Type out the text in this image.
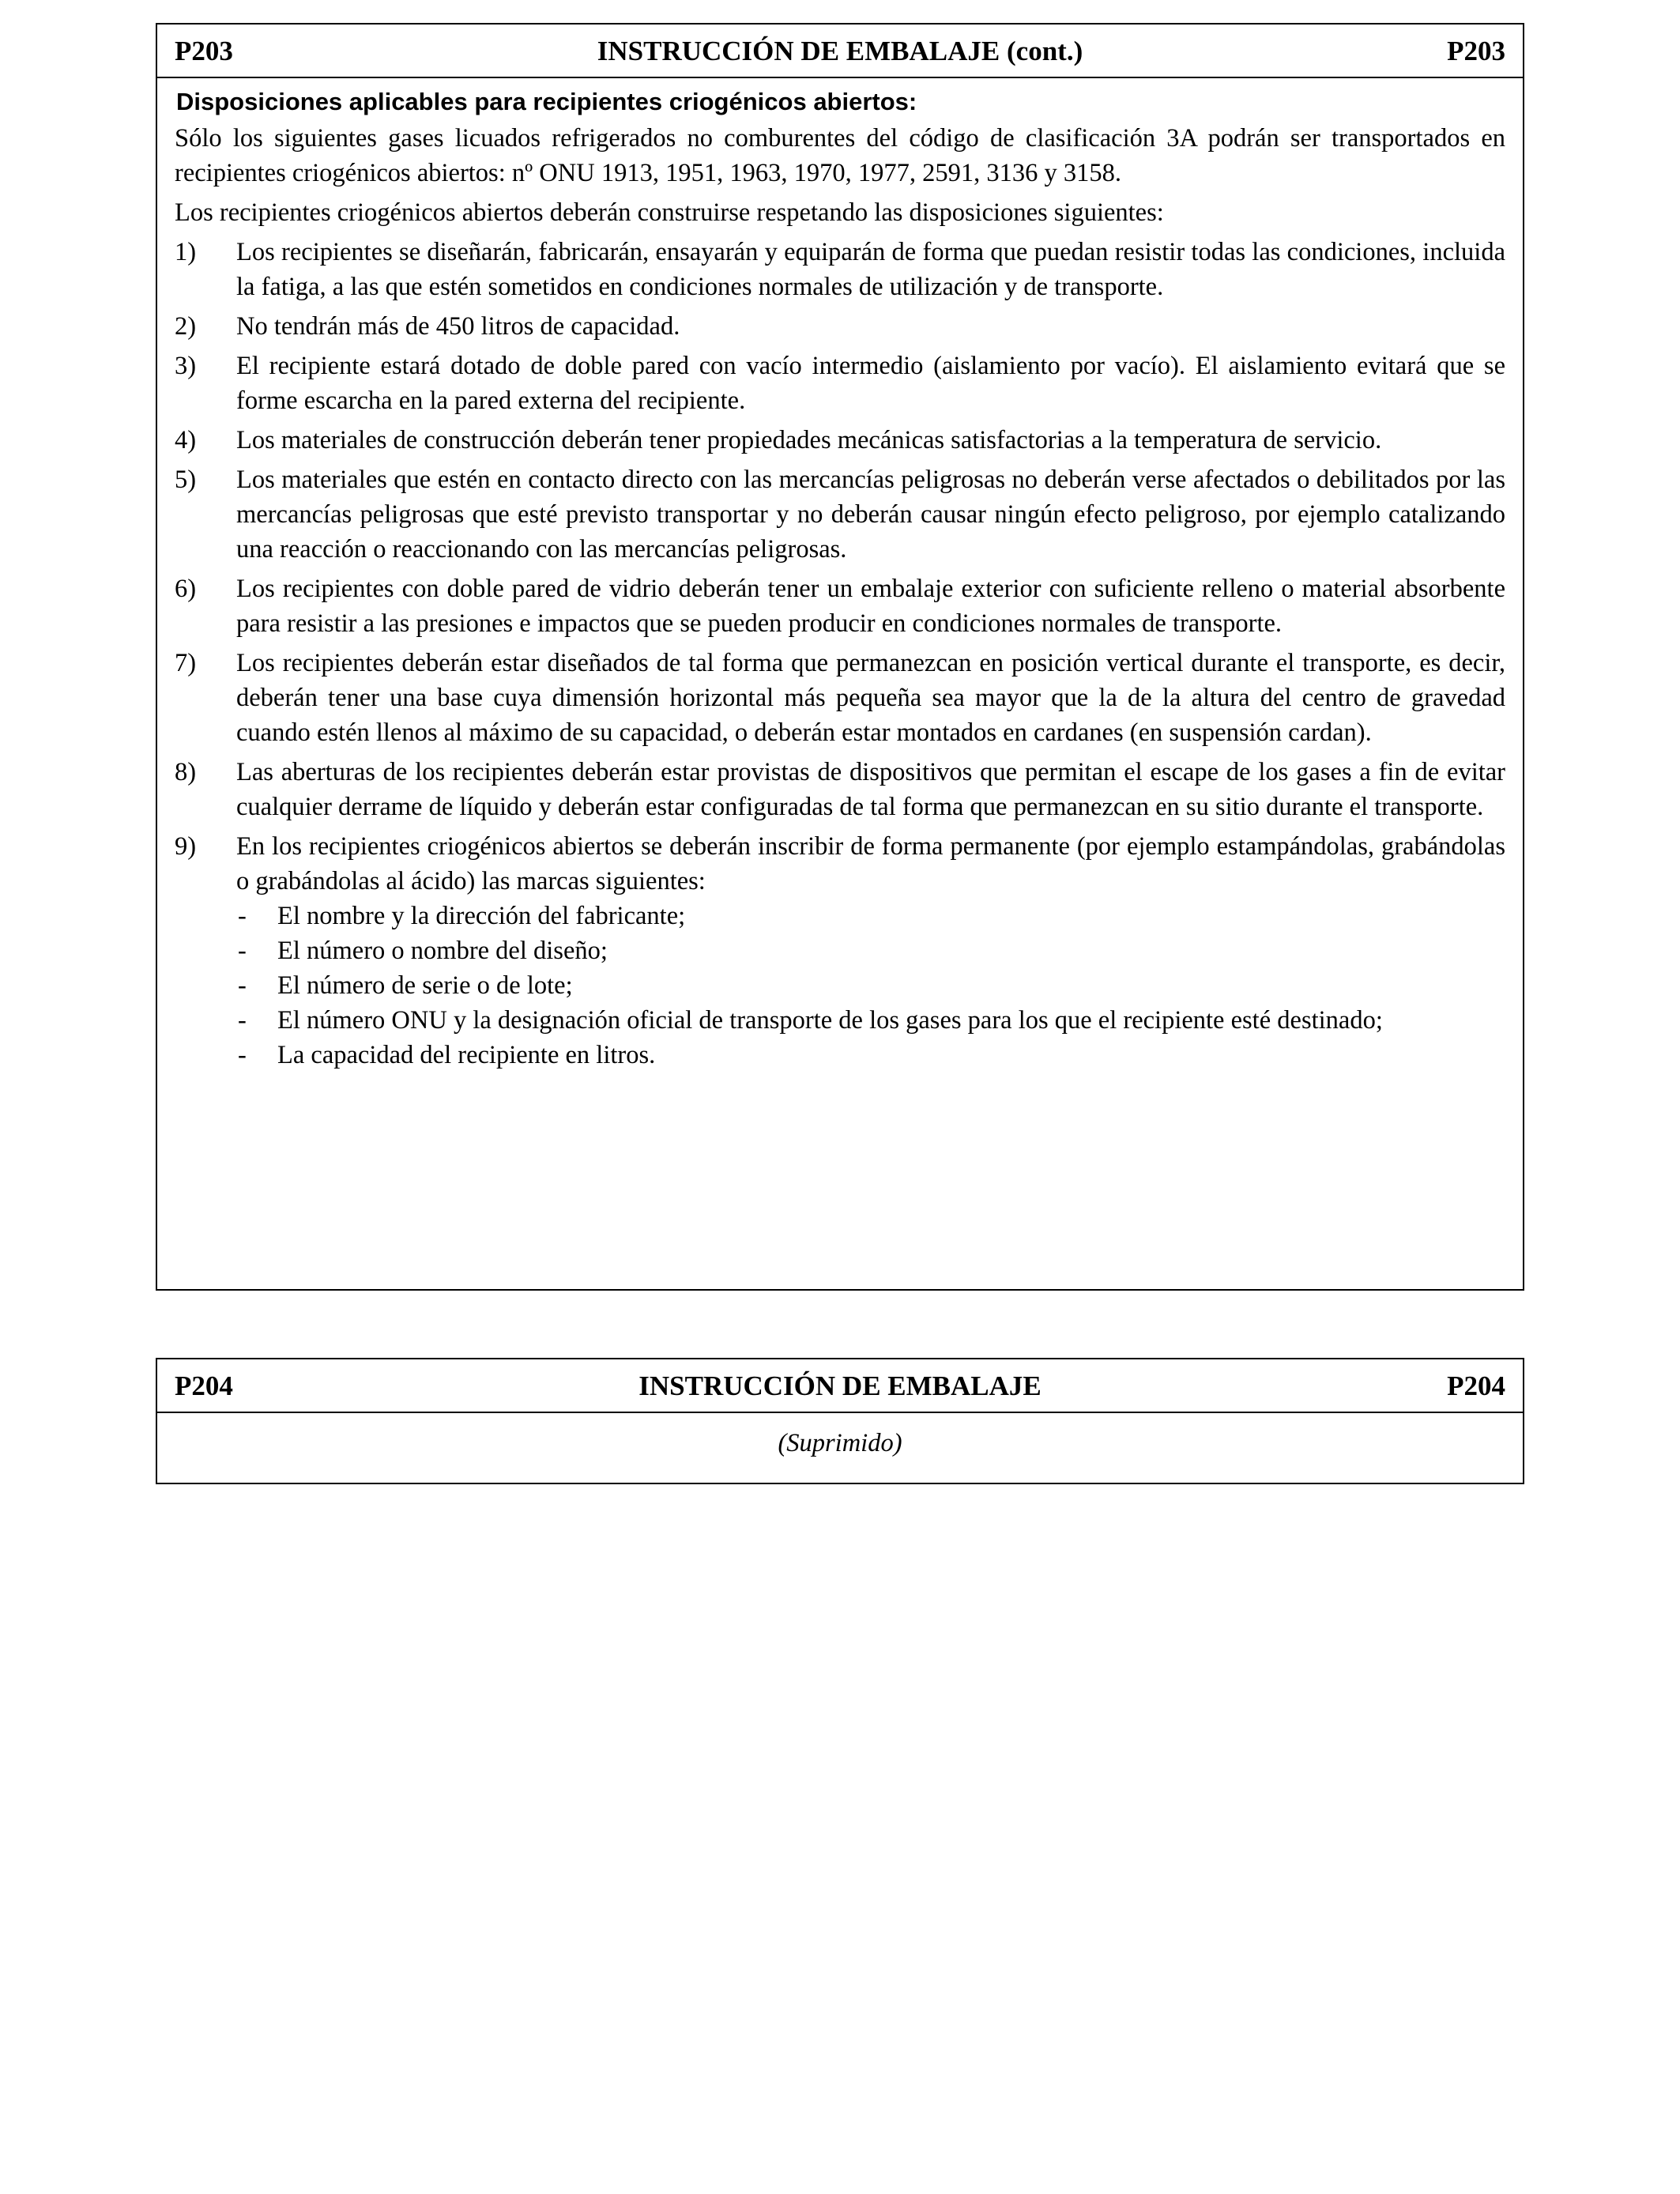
P203	INSTRUCCIÓN DE EMBALAJE (cont.)	P203
Disposiciones aplicables para recipientes criogénicos abiertos:
Sólo los siguientes gases licuados refrigerados no comburentes del código de clasificación 3A podrán ser transportados en recipientes criogénicos abiertos: nº ONU 1913, 1951, 1963, 1970, 1977, 2591, 3136 y 3158.
Los recipientes criogénicos abiertos deberán construirse respetando las disposiciones siguientes:
1) Los recipientes se diseñarán, fabricarán, ensayarán y equiparán de forma que puedan resistir todas las condiciones, incluida la fatiga, a las que estén sometidos en condiciones normales de utilización y de transporte.
2) No tendrán más de 450 litros de capacidad.
3) El recipiente estará dotado de doble pared con vacío intermedio (aislamiento por vacío). El aislamiento evitará que se forme escarcha en la pared externa del recipiente.
4) Los materiales de construcción deberán tener propiedades mecánicas satisfactorias a la temperatura de servicio.
5) Los materiales que estén en contacto directo con las mercancías peligrosas no deberán verse afectados o debilitados por las mercancías peligrosas que esté previsto transportar y no deberán causar ningún efecto peligroso, por ejemplo catalizando una reacción o reaccionando con las mercancías peligrosas.
6) Los recipientes con doble pared de vidrio deberán tener un embalaje exterior con suficiente relleno o material absorbente para resistir a las presiones e impactos que se pueden producir en condiciones normales de transporte.
7) Los recipientes deberán estar diseñados de tal forma que permanezcan en posición vertical durante el transporte, es decir, deberán tener una base cuya dimensión horizontal más pequeña sea mayor que la de la altura del centro de gravedad cuando estén llenos al máximo de su capacidad, o deberán estar montados en cardanes (en suspensión cardan).
8) Las aberturas de los recipientes deberán estar provistas de dispositivos que permitan el escape de los gases a fin de evitar cualquier derrame de líquido y deberán estar configuradas de tal forma que permanezcan en su sitio durante el transporte.
9) En los recipientes criogénicos abiertos se deberán inscribir de forma permanente (por ejemplo estampándolas, grabándolas o grabándolas al ácido) las marcas siguientes:
- El nombre y la dirección del fabricante;
- El número o nombre del diseño;
- El número de serie o de lote;
- El número ONU y la designación oficial de transporte de los gases para los que el recipiente esté destinado;
- La capacidad del recipiente en litros.
P204	INSTRUCCIÓN DE EMBALAJE	P204
(Suprimido)
